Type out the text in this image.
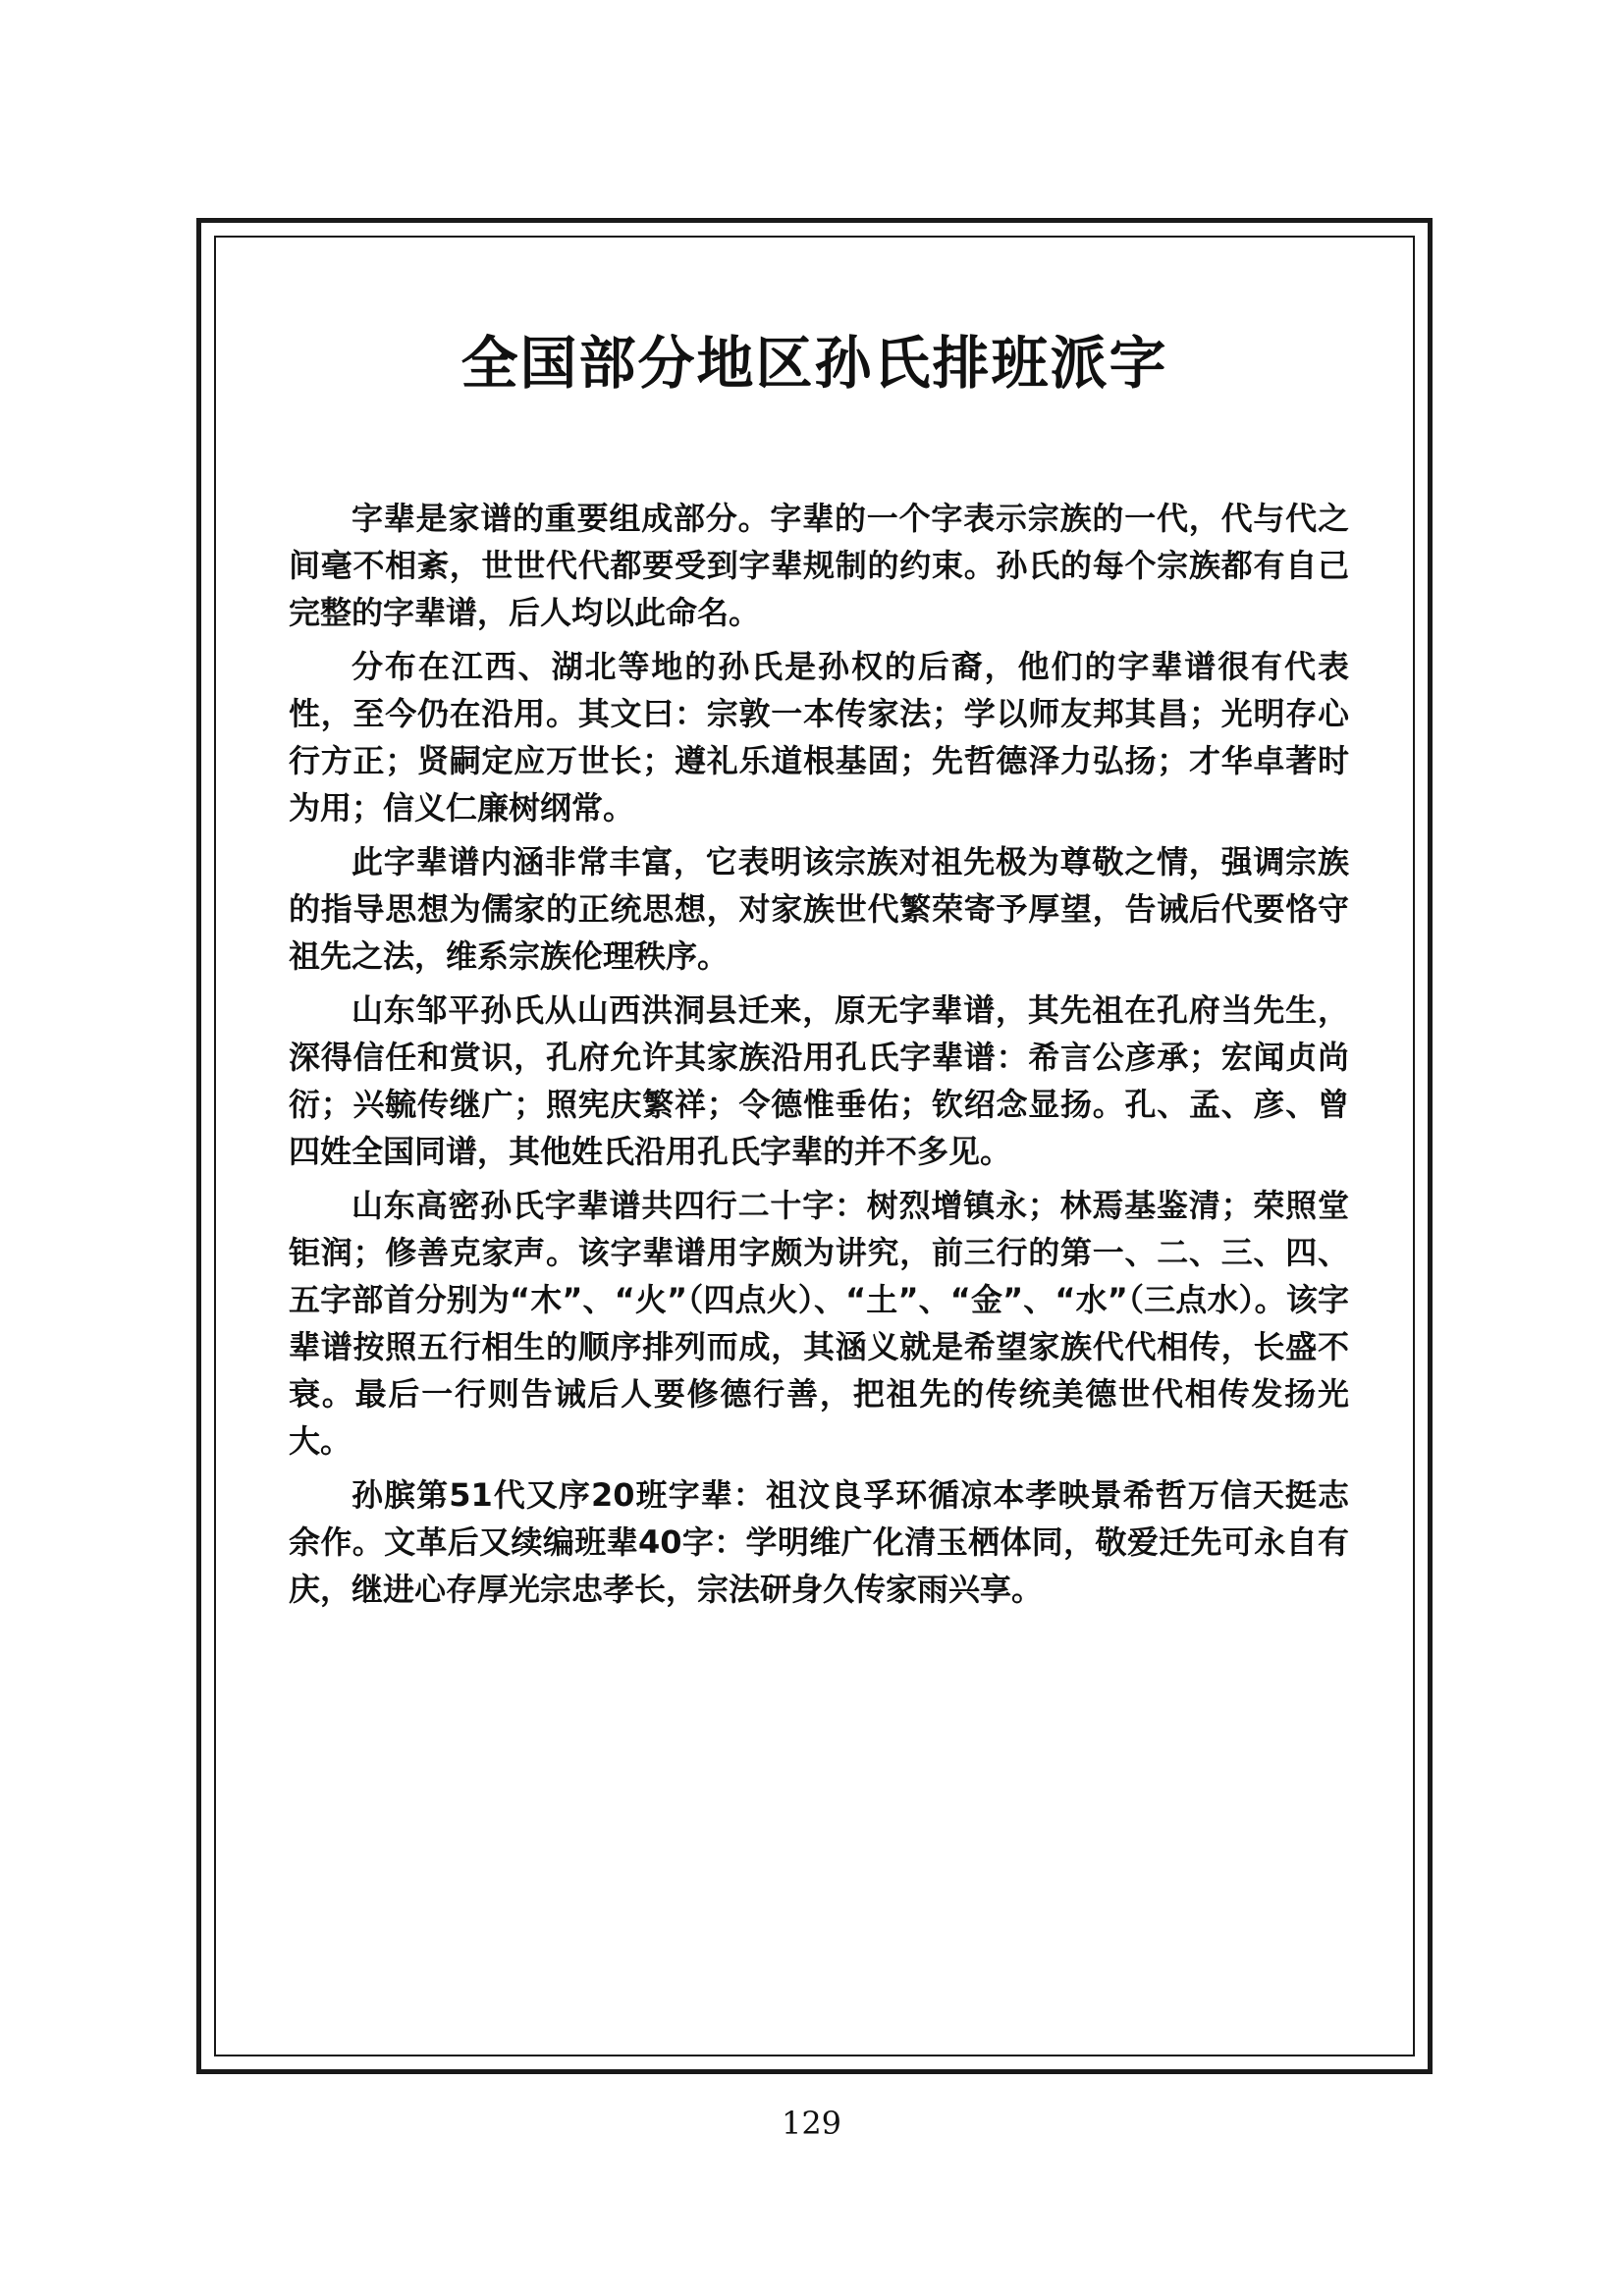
全国部分地区孙氏排班派字

字辈是家谱的重要组成部分。字辈的一个字表示宗族的一代，代与代之间毫不相紊，世世代代都要受到字辈规制的约束。孙氏的每个宗族都有自己完整的字辈谱，后人均以此命名。

分布在江西、湖北等地的孙氏是孙权的后裔，他们的字辈谱很有代表性，至今仍在沿用。其文曰：宗敦一本传家法；学以师友邦其昌；光明存心行方正；贤嗣定应万世长；遵礼乐道根基固；先哲德泽力弘扬；才华卓著时为用；信义仁廉树纲常。

此字辈谱内涵非常丰富，它表明该宗族对祖先极为尊敬之情，强调宗族的指导思想为儒家的正统思想，对家族世代繁荣寄予厚望，告诫后代要恪守祖先之法，维系宗族伦理秩序。

山东邹平孙氏从山西洪洞县迁来，原无字辈谱，其先祖在孔府当先生，深得信任和赏识，孔府允许其家族沿用孔氏字辈谱：希言公彦承；宏闻贞尚衍；兴毓传继广；照宪庆繁祥；令德惟垂佑；钦绍念显扬。孔、孟、彦、曾四姓全国同谱，其他姓氏沿用孔氏字辈的并不多见。

山东高密孙氏字辈谱共四行二十字：树烈增镇永；林焉基鉴清；荣照堂钜润；修善克家声。该字辈谱用字颇为讲究，前三行的第一、二、三、四、五字部首分别为“木”、“火”（四点火）、“土”、“金”、“水”（三点水）。该字辈谱按照五行相生的顺序排列而成，其涵义就是希望家族代代相传，长盛不衰。最后一行则告诫后人要修德行善，把祖先的传统美德世代相传发扬光大。

孙膑第51代又序20班字辈：祖汶良孚环循凉本孝映景希哲万信天挺志余作。文革后又续编班辈40字：学明维广化清玉栖体同，敬爱迁先可永自有庆，继进心存厚光宗忠孝长，宗法研身久传家雨兴享。

129
